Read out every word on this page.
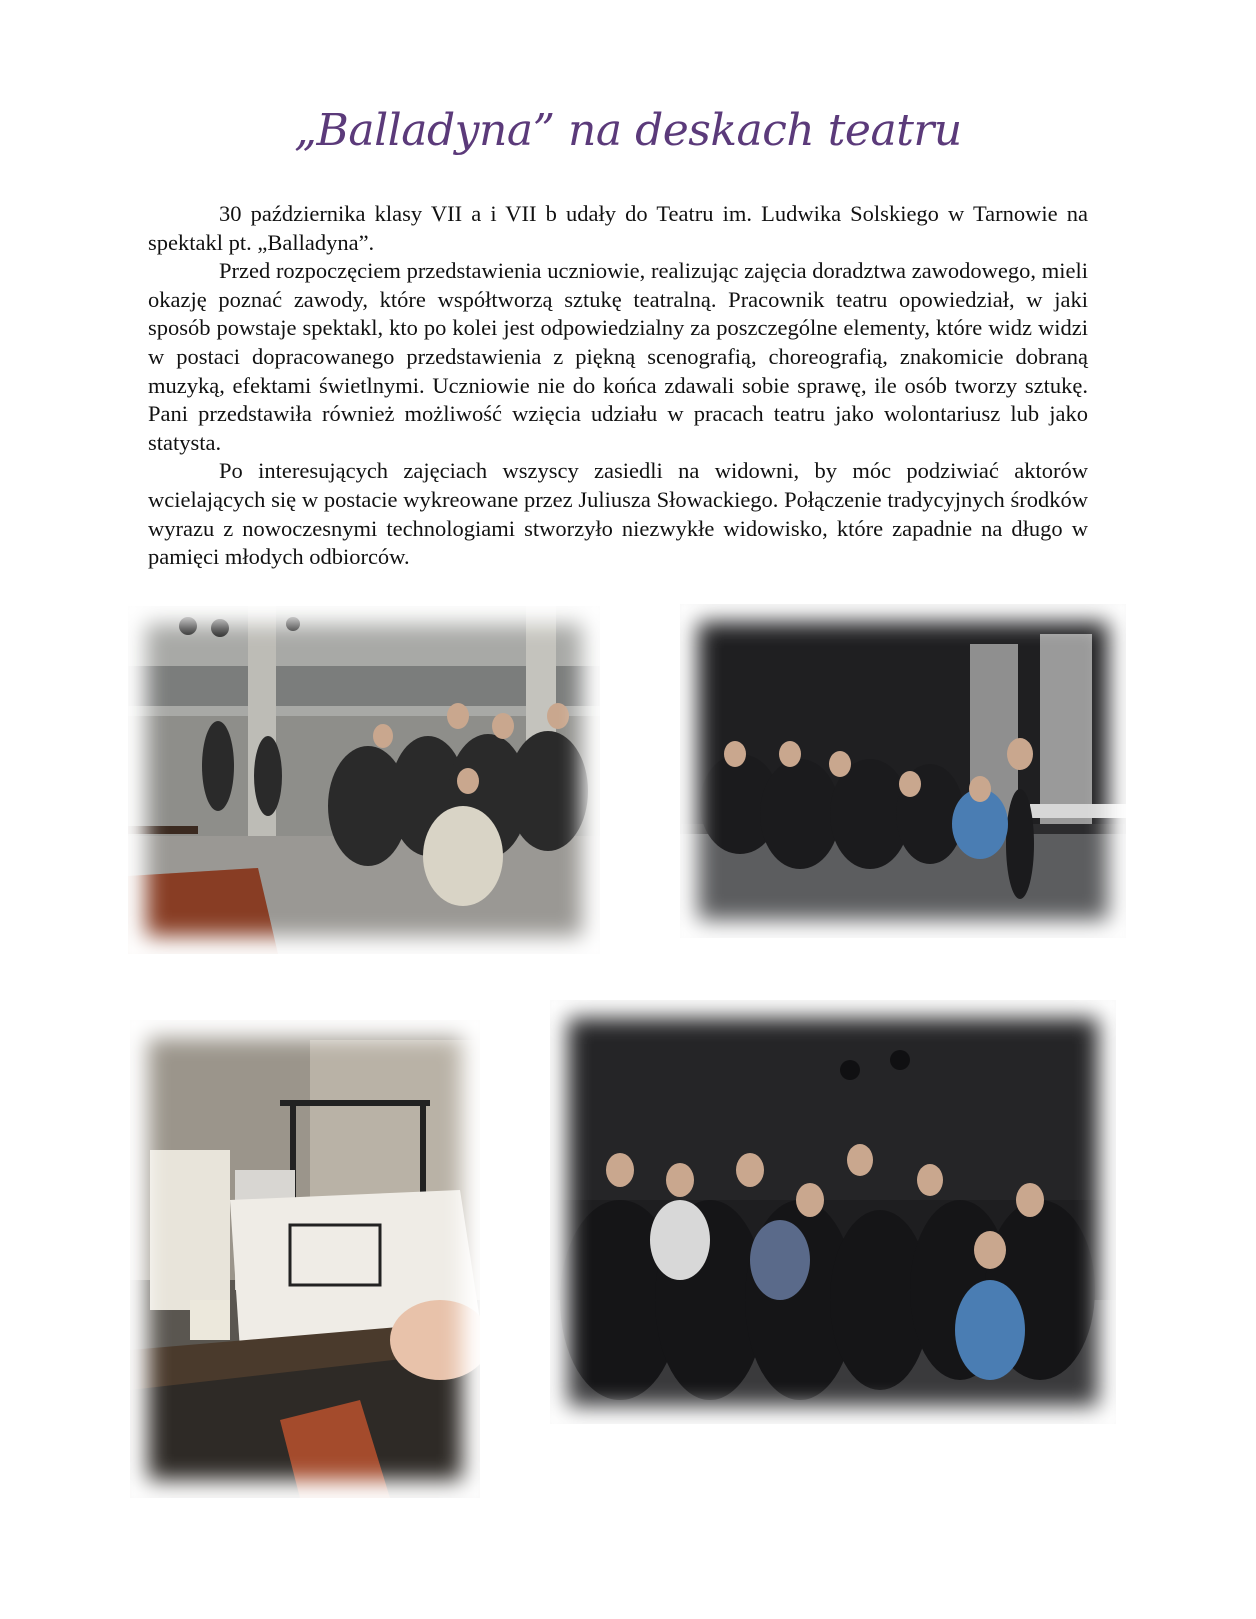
„Balladyna” na deskach teatru

30 października klasy VII a i VII b udały do Teatru im. Ludwika Solskiego w Tarnowie na spektakl pt. „Balladyna”.

Przed rozpoczęciem przedstawienia uczniowie, realizując zajęcia doradztwa zawodowego, mieli okazję poznać zawody, które współtworzą sztukę teatralną. Pracownik teatru opowiedział, w jaki sposób powstaje spektakl, kto po kolei jest odpowiedzialny za poszczególne elementy, które widz widzi w postaci dopracowanego przedstawienia z piękną scenografią, choreografią, znakomicie dobraną muzyką, efektami świetlnymi. Uczniowie nie do końca zdawali sobie sprawę, ile osób tworzy sztukę. Pani przedstawiła również możliwość wzięcia udziału w pracach teatru jako wolontariusz lub jako statysta.

Po interesujących zajęciach wszyscy zasiedli na widowni, by móc podziwiać aktorów wcielających się w postacie wykreowane przez Juliusza Słowackiego. Połączenie tradycyjnych środków wyrazu z nowoczesnymi technologiami stworzyło niezwykłe widowisko, które zapadnie na długo w pamięci młodych odbiorców.
